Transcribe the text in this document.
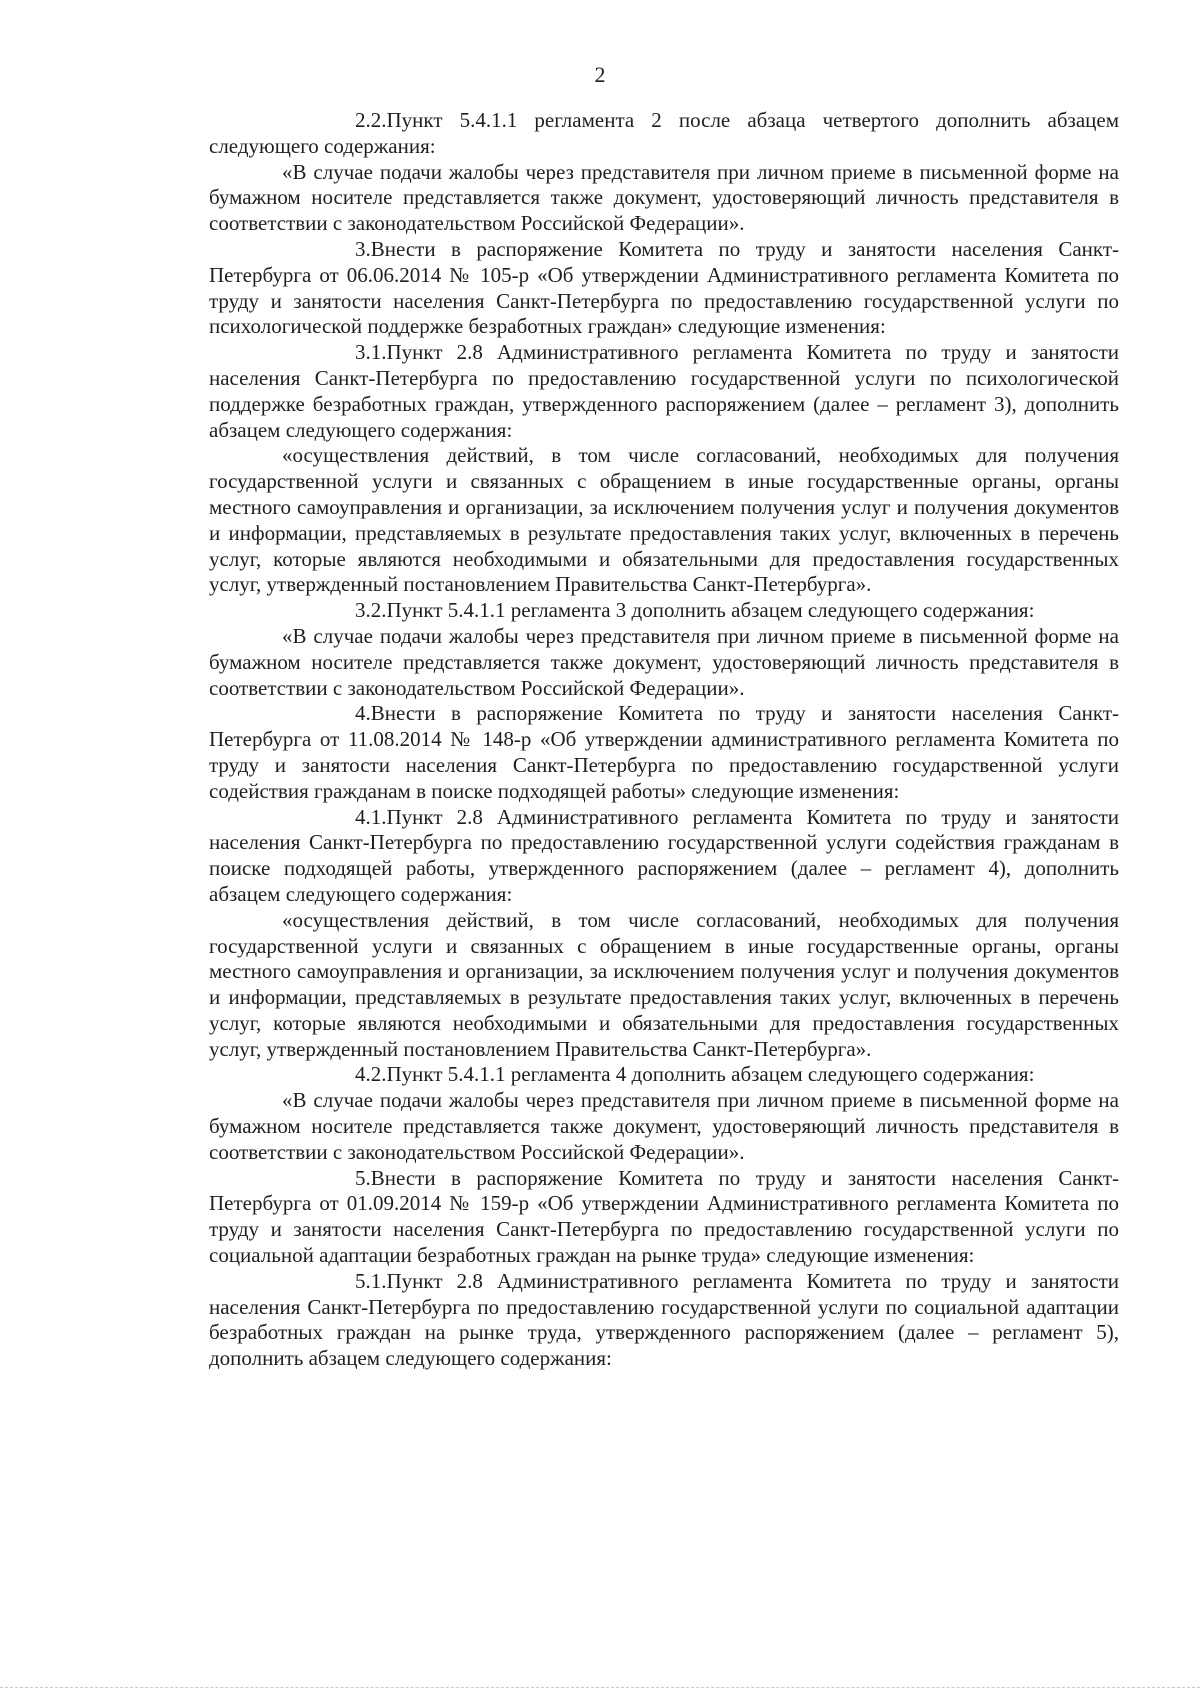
2

2.2.Пункт 5.4.1.1 регламента 2 после абзаца четвертого дополнить абзацем следующего содержания:

«В случае подачи жалобы через представителя при личном приеме в письменной форме на бумажном носителе представляется также документ, удостоверяющий личность представителя в соответствии с законодательством Российской Федерации».

3.Внести в распоряжение Комитета по труду и занятости населения Санкт-Петербурга от 06.06.2014 № 105-р «Об утверждении Административного регламента Комитета по труду и занятости населения Санкт-Петербурга по предоставлению государственной услуги по психологической поддержке безработных граждан» следующие изменения:

3.1.Пункт 2.8 Административного регламента Комитета по труду и занятости населения Санкт-Петербурга по предоставлению государственной услуги по психологической поддержке безработных граждан, утвержденного распоряжением (далее – регламент 3), дополнить абзацем следующего содержания:

«осуществления действий, в том числе согласований, необходимых для получения государственной услуги и связанных с обращением в иные государственные органы, органы местного самоуправления и организации, за исключением получения услуг и получения документов и информации, представляемых в результате предоставления таких услуг, включенных в перечень услуг, которые являются необходимыми и обязательными для предоставления государственных услуг, утвержденный постановлением Правительства Санкт-Петербурга».

3.2.Пункт 5.4.1.1 регламента 3 дополнить абзацем следующего содержания:

«В случае подачи жалобы через представителя при личном приеме в письменной форме на бумажном носителе представляется также документ, удостоверяющий личность представителя в соответствии с законодательством Российской Федерации».

4.Внести в распоряжение Комитета по труду и занятости населения Санкт-Петербурга от 11.08.2014 № 148-р «Об утверждении административного регламента Комитета по труду и занятости населения Санкт-Петербурга по предоставлению государственной услуги содействия гражданам в поиске подходящей работы» следующие изменения:

4.1.Пункт 2.8 Административного регламента Комитета по труду и занятости населения Санкт-Петербурга по предоставлению государственной услуги содействия гражданам в поиске подходящей работы, утвержденного распоряжением (далее – регламент 4), дополнить абзацем следующего содержания:

«осуществления действий, в том числе согласований, необходимых для получения государственной услуги и связанных с обращением в иные государственные органы, органы местного самоуправления и организации, за исключением получения услуг и получения документов и информации, представляемых в результате предоставления таких услуг, включенных в перечень услуг, которые являются необходимыми и обязательными для предоставления государственных услуг, утвержденный постановлением Правительства Санкт-Петербурга».

4.2.Пункт 5.4.1.1 регламента 4 дополнить абзацем следующего содержания:

«В случае подачи жалобы через представителя при личном приеме в письменной форме на бумажном носителе представляется также документ, удостоверяющий личность представителя в соответствии с законодательством Российской Федерации».

5.Внести в распоряжение Комитета по труду и занятости населения Санкт-Петербурга от 01.09.2014 № 159-р «Об утверждении Административного регламента Комитета по труду и занятости населения Санкт-Петербурга по предоставлению государственной услуги по социальной адаптации безработных граждан на рынке труда» следующие изменения:

5.1.Пункт 2.8 Административного регламента Комитета по труду и занятости населения Санкт-Петербурга по предоставлению государственной услуги по социальной адаптации безработных граждан на рынке труда, утвержденного распоряжением (далее – регламент 5), дополнить абзацем следующего содержания:
